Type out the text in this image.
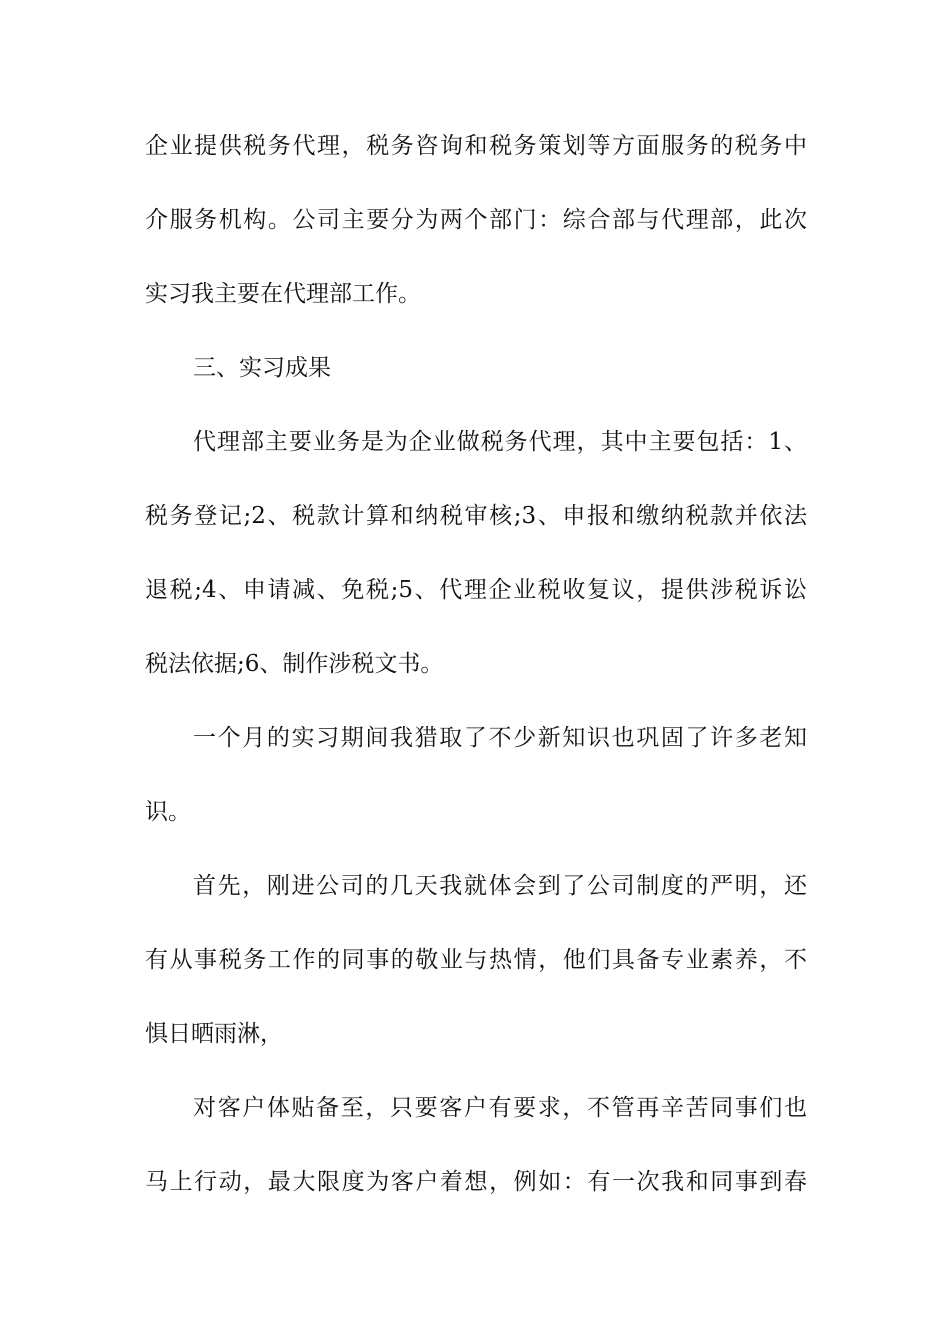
企业提供税务代理，税务咨询和税务策划等方面服务的税务中
介服务机构。公司主要分为两个部门：综合部与代理部，此次
实习我主要在代理部工作。
三、实习成果
代理部主要业务是为企业做税务代理，其中主要包括：1、
税务登记;2、税款计算和纳税审核;3、申报和缴纳税款并依法
退税;4、申请减、免税;5、代理企业税收复议，提供涉税诉讼
税法依据;6、制作涉税文书。
一个月的实习期间我猎取了不少新知识也巩固了许多老知
识。
首先，刚进公司的几天我就体会到了公司制度的严明，还
有从事税务工作的同事的敬业与热情，他们具备专业素养，不
惧日晒雨淋，
对客户体贴备至，只要客户有要求，不管再辛苦同事们也
马上行动，最大限度为客户着想，例如：有一次我和同事到春
